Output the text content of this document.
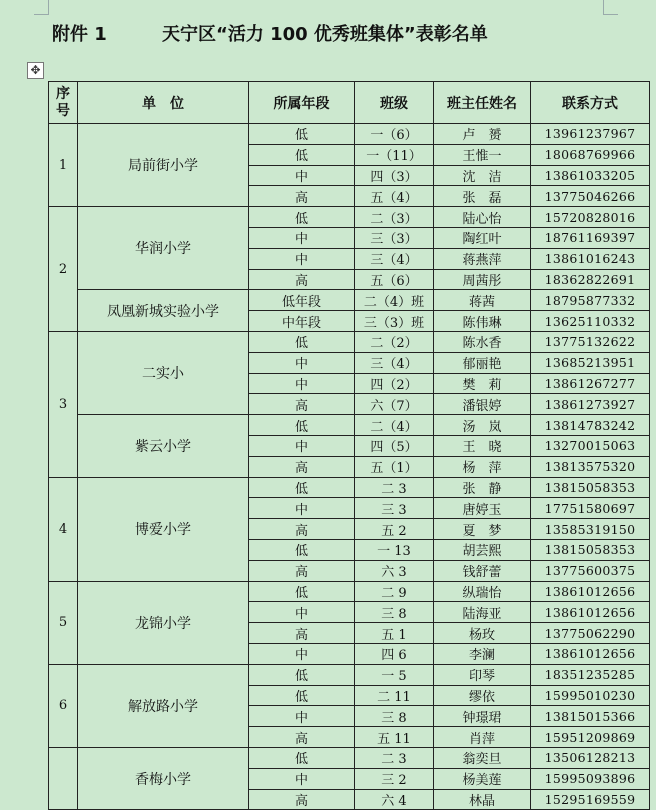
附件 1	天宁区“活力 100 优秀班集体”表彰名单
✥
序
号	单　位	所属年段	班级	班主任姓名	联系方式
1	局前街小学	低	一（6）	卢　赟	13961237967
		低	一（11）	王惟一	18068769966
		中	四（3）	沈　洁	13861033205
		高	五（4）	张　磊	13775046266
2	华润小学	低	二（3）	陆心怡	15720828016
		中	三（3）	陶红叶	18761169397
		中	三（4）	蒋燕萍	13861016243
		高	五（6）	周茜彤	18362822691
	凤凰新城实验小学	低年段	二（4）班	蒋茜	18795877332
		中年段	三（3）班	陈伟琳	13625110332
3	二实小	低	二（2）	陈水香	13775132622
		中	三（4）	郁丽艳	13685213951
		中	四（2）	樊　莉	13861267277
		高	六（7）	潘银婷	13861273927
	紫云小学	低	二（4）	汤　岚	13814783242
		中	四（5）	王　晓	13270015063
		高	五（1）	杨　萍	13813575320
4	博爱小学	低	二 3	张　静	13815058353
		中	三 3	唐婷玉	17751580697
		高	五 2	夏　梦	13585319150
		低	一 13	胡芸熙	13815058353
		高	六 3	钱舒蕾	13775600375
5	龙锦小学	低	二 9	纵瑞怡	13861012656
		中	三 8	陆海亚	13861012656
		高	五 1	杨玫	13775062290
		中	四 6	李澜	13861012656
6	解放路小学	低	一 5	印琴	18351235285
		低	二 11	缪依	15995010230
		中	三 8	钟璟珺	13815015366
		高	五 11	肖萍	15951209869
	香梅小学	低	二 3	翁奕旦	13506128213
		中	三 2	杨美莲	15995093896
		高	六 4	林晶	15295169559
